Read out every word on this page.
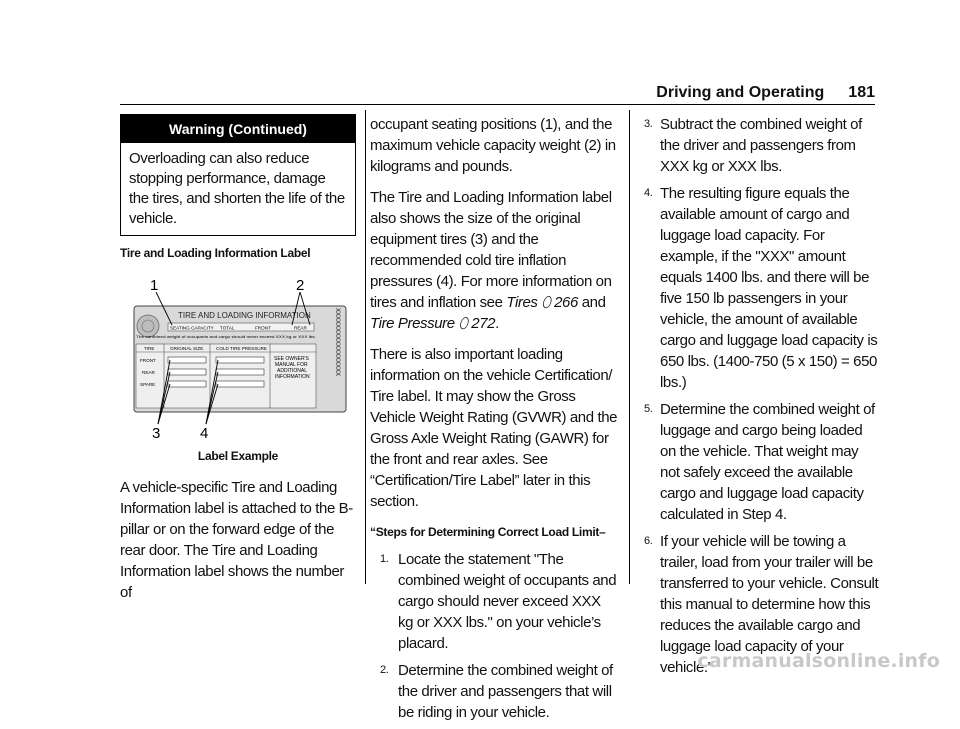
Driving and Operating 181
Warning (Continued)
Overloading can also reduce stopping performance, damage the tires, and shorten the life of the vehicle.
Tire and Loading Information Label
1	2
3	4
TIRE AND LOADING INFORMATION
SEATING CAPACITY TOTAL	FRONT	REAR
The combined weight of occupants and cargo should never exceed XXX kg or XXX lbs.
TIRE	ORIGINAL SIZE	COLD TIRE PRESSURE
FRONT
REAR
SPARE
SEE OWNER'S
MANUAL FOR
ADDITIONAL
INFORMATION
XXXXXXXXXXXXXXXXX
Label Example

A vehicle-specific Tire and Loading Information label is attached to the B-pillar or on the forward edge of the rear door. The Tire and Loading Information label shows the number of

occupant seating positions (1), and the maximum vehicle capacity weight (2) in kilograms and pounds.

The Tire and Loading Information label also shows the size of the original equipment tires (3) and the recommended cold tire inflation pressures (4). For more information on tires and inflation see Tires ⬯ 266 and Tire Pressure ⬯ 272.

There is also important loading information on the vehicle Certification/ Tire label. It may show the Gross Vehicle Weight Rating (GVWR) and the Gross Axle Weight Rating (GAWR) for the front and rear axles. See “Certification/Tire Label” later in this section.

“Steps for Determining Correct Load Limit–
1. Locate the statement "The combined weight of occupants and cargo should never exceed XXX kg or XXX lbs." on your vehicle’s placard.
2. Determine the combined weight of the driver and passengers that will be riding in your vehicle.
3. Subtract the combined weight of the driver and passengers from XXX kg or XXX lbs.
4. The resulting figure equals the available amount of cargo and luggage load capacity. For example, if the "XXX" amount equals 1400 lbs. and there will be five 150 lb passengers in your vehicle, the amount of available cargo and luggage load capacity is 650 lbs. (1400-750 (5 x 150) = 650 lbs.)
5. Determine the combined weight of luggage and cargo being loaded on the vehicle. That weight may not safely exceed the available cargo and luggage load capacity calculated in Step 4.
6. If your vehicle will be towing a trailer, load from your trailer will be transferred to your vehicle. Consult this manual to determine how this reduces the available cargo and luggage load capacity of your vehicle.”
carmanualsonline.info
